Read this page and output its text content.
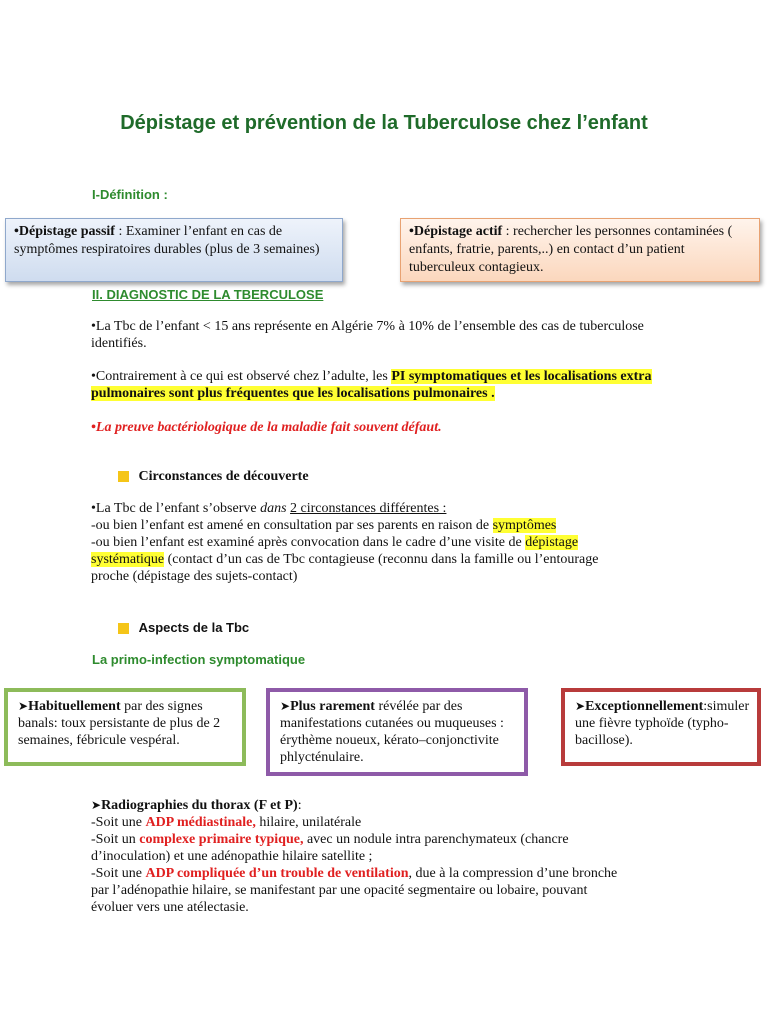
Dépistage et prévention de la Tuberculose chez l’enfant
I-Définition :
•Dépistage passif : Examiner l’enfant en cas de symptômes respiratoires durables (plus de 3 semaines)
•Dépistage actif : rechercher les personnes contaminées ( enfants, fratrie, parents,..) en contact d’un patient tuberculeux contagieux.
II. DIAGNOSTIC DE LA TBERCULOSE
•La Tbc de l’enfant < 15 ans représente en Algérie 7% à 10% de l’ensemble des cas de tuberculose identifiés.
•Contrairement à ce qui est observé chez l’adulte, les PI symptomatiques et les localisations extra pulmonaires sont plus fréquentes que les localisations pulmonaires .
•La preuve bactériologique de la maladie fait souvent défaut.
Circonstances de découverte
•La Tbc de l’enfant s’observe dans 2 circonstances différentes :
-ou bien l’enfant est amené en consultation par ses parents en raison de symptômes
-ou bien l’enfant est examiné après convocation dans le cadre d’une visite de dépistage
systématique (contact d’un cas de Tbc contagieuse (reconnu dans la famille ou l’entourage
proche (dépistage des sujets-contact)
Aspects de la Tbc
La primo-infection symptomatique
➤Habituellement par des signes banals: toux persistante de plus de 2 semaines, fébricule vespéral.
➤Plus rarement révélée par des manifestations cutanées ou muqueuses : érythème noueux, kérato–conjonctivite phlycténulaire.
➤Exceptionnellement:simuler une fièvre typhoïde (typho-bacillose).
➤Radiographies du thorax (F et P):
-Soit une ADP médiastinale, hilaire, unilatérale
-Soit un complexe primaire typique, avec un nodule intra parenchymateux (chancre
d’inoculation) et une adénopathie hilaire satellite ;
-Soit une ADP compliquée d’un trouble de ventilation, due à la compression d’une bronche
par l’adénopathie hilaire, se manifestant par une opacité segmentaire ou lobaire, pouvant
évoluer vers une atélectasie.
